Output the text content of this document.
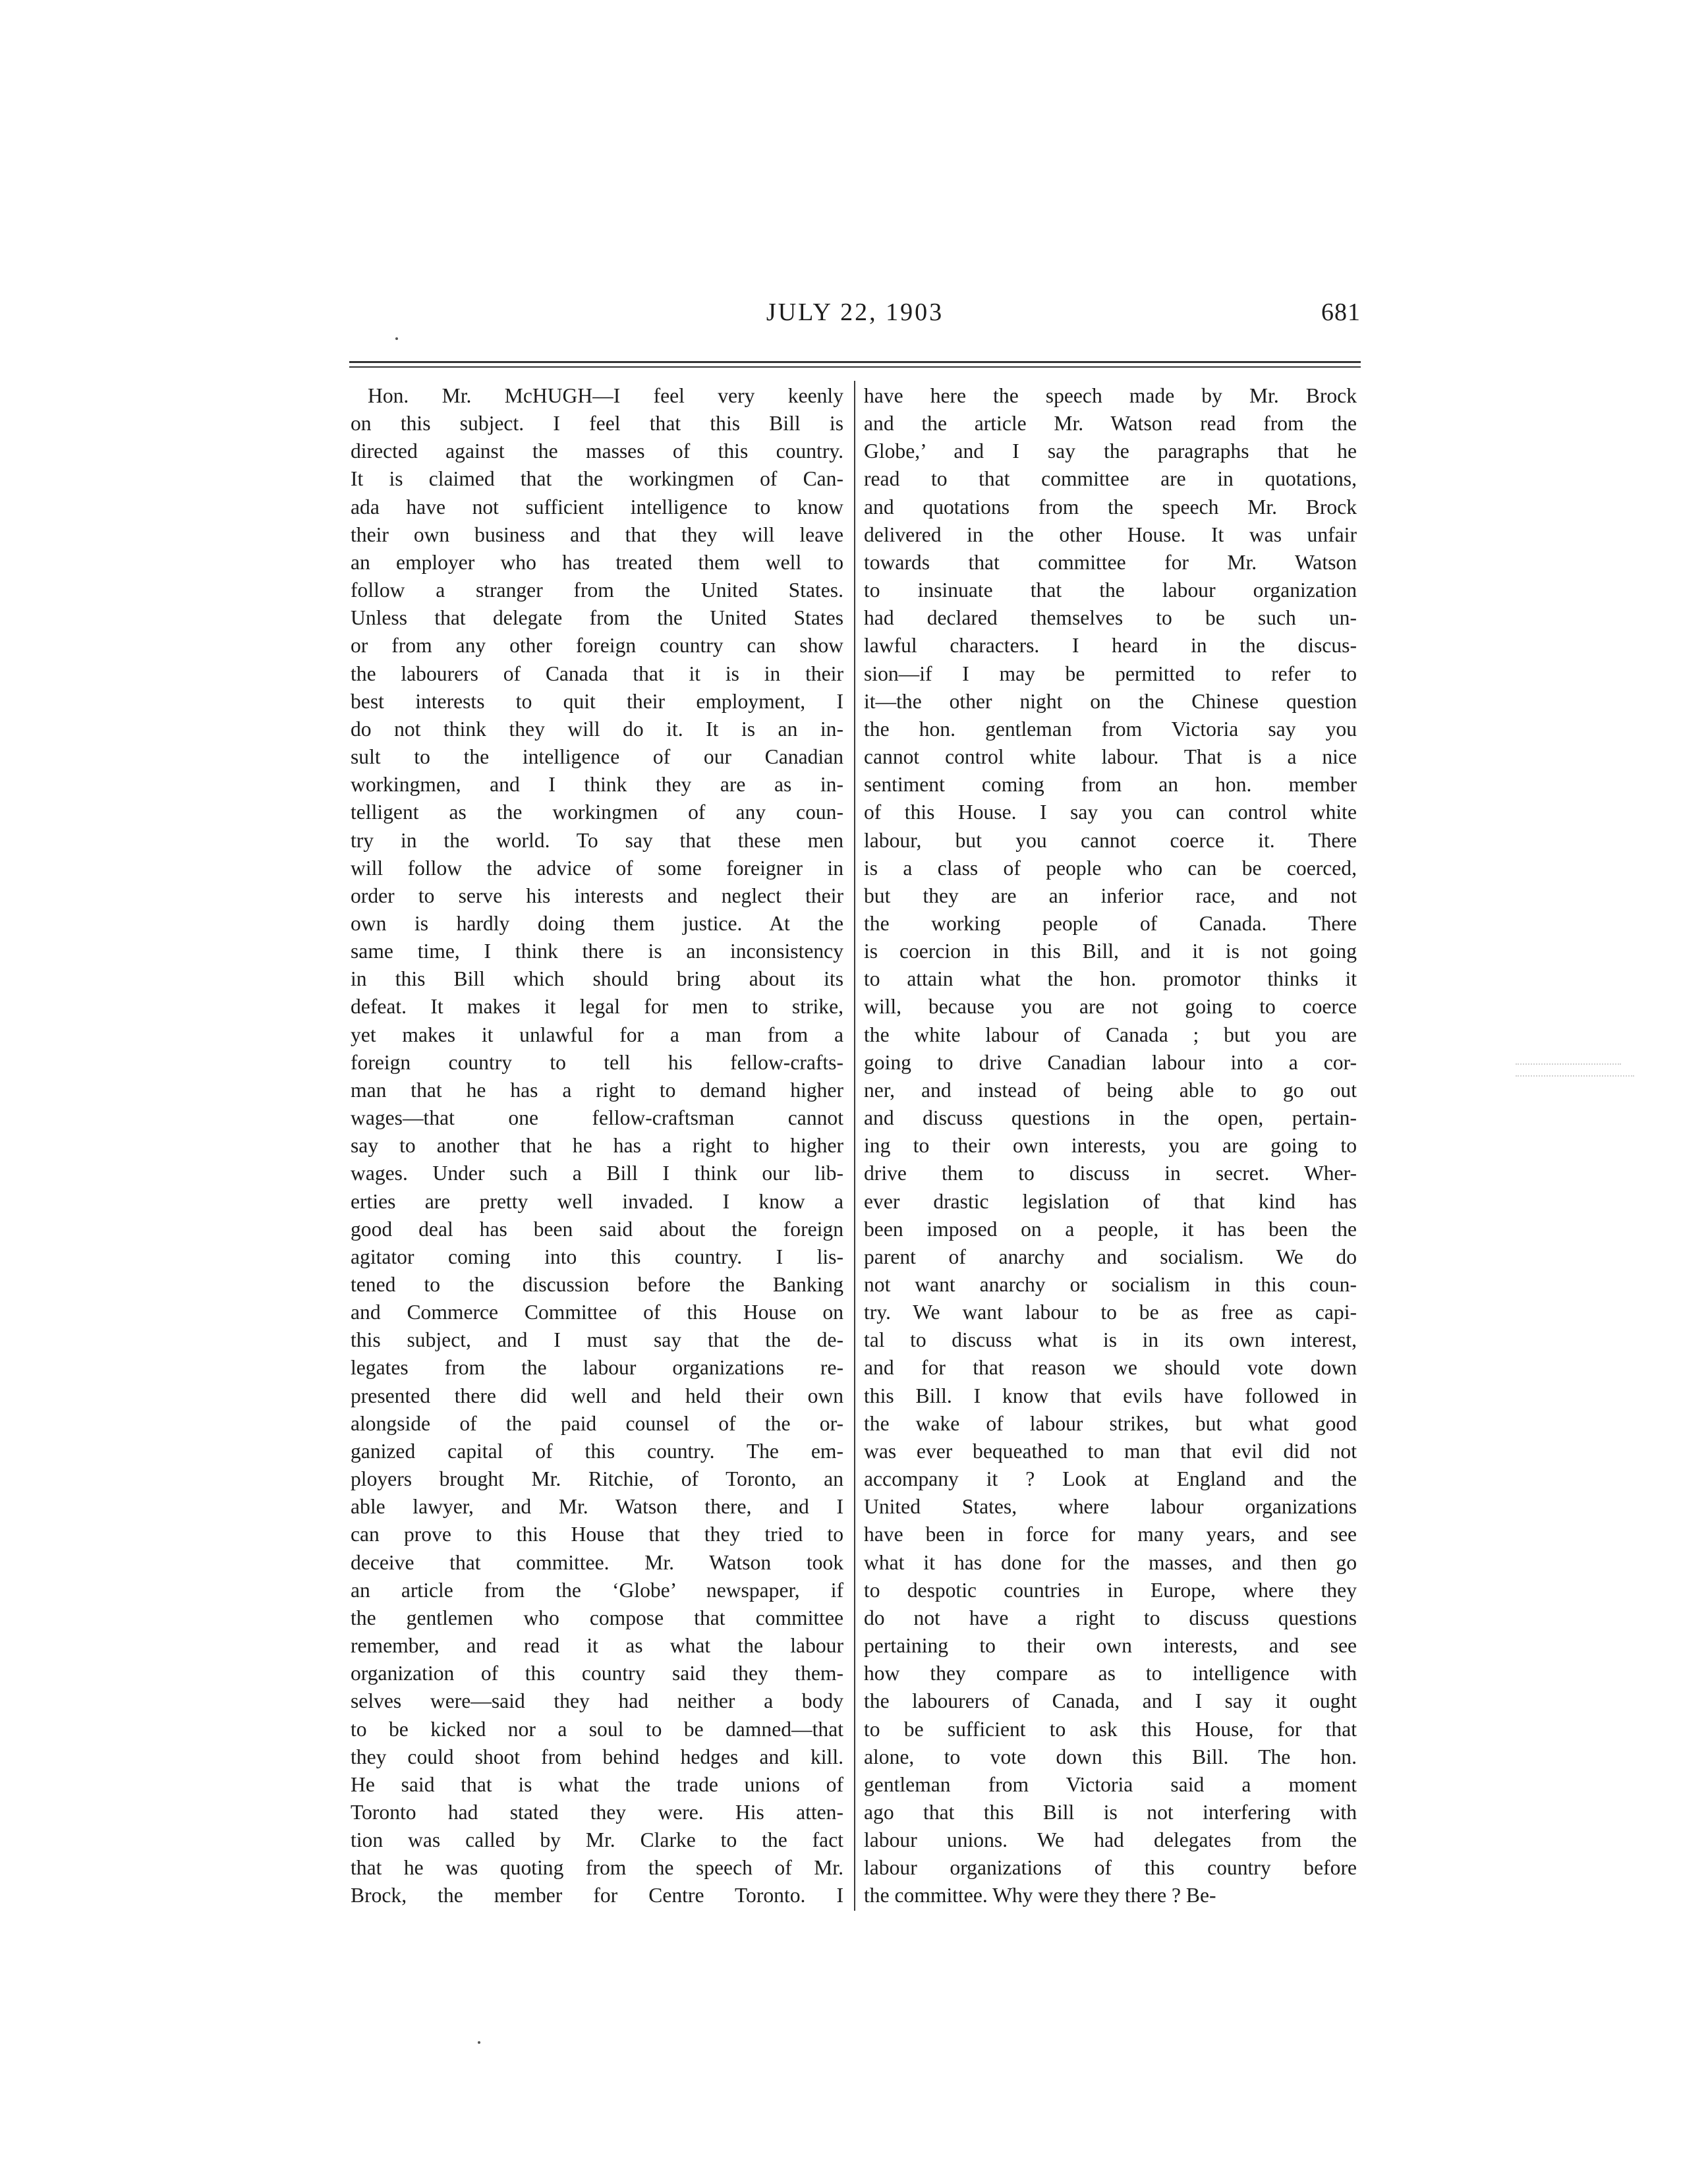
JULY 22, 1903	681
Hon. Mr. McHUGH—I feel very keenly
on this subject. I feel that this Bill is
directed against the masses of this country.
It is claimed that the workingmen of Can-
ada have not sufficient intelligence to know
their own business and that they will leave
an employer who has treated them well to
follow a stranger from the United States.
Unless that delegate from the United States
or from any other foreign country can show
the labourers of Canada that it is in their
best interests to quit their employment, I
do not think they will do it. It is an in-
sult to the intelligence of our Canadian
workingmen, and I think they are as in-
telligent as the workingmen of any coun-
try in the world. To say that these men
will follow the advice of some foreigner in
order to serve his interests and neglect their
own is hardly doing them justice. At the
same time, I think there is an inconsistency
in this Bill which should bring about its
defeat. It makes it legal for men to strike,
yet makes it unlawful for a man from a
foreign country to tell his fellow-crafts-
man that he has a right to demand higher
wages—that one fellow-craftsman cannot
say to another that he has a right to higher
wages. Under such a Bill I think our lib-
erties are pretty well invaded. I know a
good deal has been said about the foreign
agitator coming into this country. I lis-
tened to the discussion before the Banking
and Commerce Committee of this House on
this subject, and I must say that the de-
legates from the labour organizations re-
presented there did well and held their own
alongside of the paid counsel of the or-
ganized capital of this country. The em-
ployers brought Mr. Ritchie, of Toronto, an
able lawyer, and Mr. Watson there, and I
can prove to this House that they tried to
deceive that committee. Mr. Watson took
an article from the ‘Globe’ newspaper, if
the gentlemen who compose that committee
remember, and read it as what the labour
organization of this country said they them-
selves were—said they had neither a body
to be kicked nor a soul to be damned—that
they could shoot from behind hedges and kill.
He said that is what the trade unions of
Toronto had stated they were. His atten-
tion was called by Mr. Clarke to the fact
that he was quoting from the speech of Mr.
Brock, the member for Centre Toronto. I
have here the speech made by Mr. Brock
and the article Mr. Watson read from the
Globe,’ and I say the paragraphs that he
read to that committee are in quotations,
and quotations from the speech Mr. Brock
delivered in the other House. It was unfair
towards that committee for Mr. Watson
to insinuate that the labour organization
had declared themselves to be such un-
lawful characters. I heard in the discus-
sion—if I may be permitted to refer to
it—the other night on the Chinese question
the hon. gentleman from Victoria say you
cannot control white labour. That is a nice
sentiment coming from an hon. member
of this House. I say you can control white
labour, but you cannot coerce it. There
is a class of people who can be coerced,
but they are an inferior race, and not
the working people of Canada. There
is coercion in this Bill, and it is not going
to attain what the hon. promotor thinks it
will, because you are not going to coerce
the white labour of Canada ; but you are
going to drive Canadian labour into a cor-
ner, and instead of being able to go out
and discuss questions in the open, pertain-
ing to their own interests, you are going to
drive them to discuss in secret. Wher-
ever drastic legislation of that kind has
been imposed on a people, it has been the
parent of anarchy and socialism. We do
not want anarchy or socialism in this coun-
try. We want labour to be as free as capi-
tal to discuss what is in its own interest,
and for that reason we should vote down
this Bill. I know that evils have followed in
the wake of labour strikes, but what good
was ever bequeathed to man that evil did not
accompany it ? Look at England and the
United States, where labour organizations
have been in force for many years, and see
what it has done for the masses, and then go
to despotic countries in Europe, where they
do not have a right to discuss questions
pertaining to their own interests, and see
how they compare as to intelligence with
the labourers of Canada, and I say it ought
to be sufficient to ask this House, for that
alone, to vote down this Bill. The hon.
gentleman from Victoria said a moment
ago that this Bill is not interfering with
labour unions. We had delegates from the
labour organizations of this country before
the committee. Why were they there ? Be-
